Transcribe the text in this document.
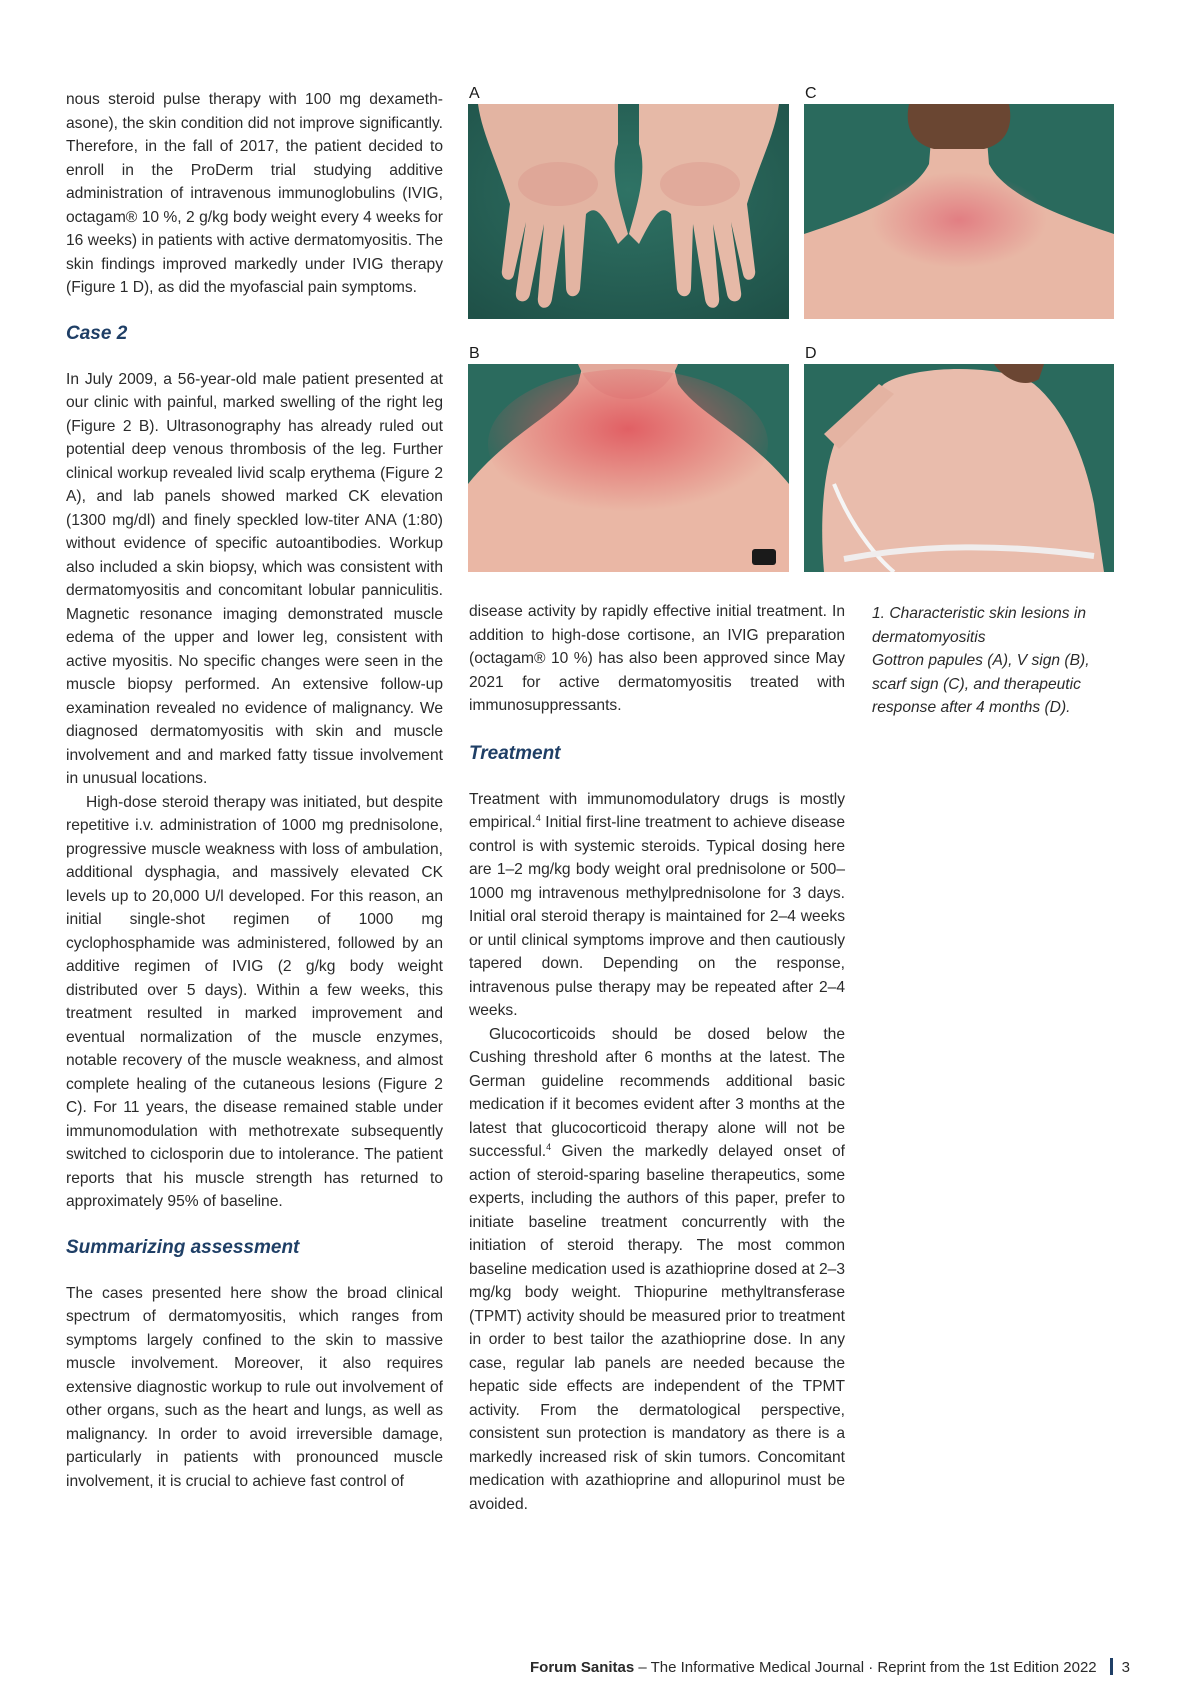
nous steroid pulse therapy with 100 mg dexamethasone), the skin condition did not improve significantly. Therefore, in the fall of 2017, the patient decided to enroll in the ProDerm trial studying additive administration of intravenous immunoglobulins (IVIG, octagam® 10 %, 2 g/kg body weight every 4 weeks for 16 weeks) in patients with active dermatomyositis. The skin findings improved markedly under IVIG therapy (Figure 1 D), as did the myofascial pain symptoms.

Case 2

In July 2009, a 56-year-old male patient presented at our clinic with painful, marked swelling of the right leg (Figure 2 B). Ultrasonography has already ruled out potential deep venous thrombosis of the leg. Further clinical workup revealed livid scalp erythema (Figure 2 A), and lab panels showed marked CK elevation (1300 mg/dl) and finely speckled low-titer ANA (1:80) without evidence of specific autoantibodies. Workup also included a skin biopsy, which was consistent with dermatomyositis and concomitant lobular panniculitis. Magnetic resonance imaging demonstrated muscle edema of the upper and lower leg, consistent with active myositis. No specific changes were seen in the muscle biopsy performed. An extensive follow-up examination revealed no evidence of malignancy. We diagnosed dermatomyositis with skin and muscle involvement and and marked fatty tissue involvement in unusual locations.

High-dose steroid therapy was initiated, but despite repetitive i.v. administration of 1000 mg prednisolone, progressive muscle weakness with loss of ambulation, additional dysphagia, and massively elevated CK levels up to 20,000 U/l developed. For this reason, an initial single-shot regimen of 1000 mg cyclophosphamide was administered, followed by an additive regimen of IVIG (2 g/kg body weight distributed over 5 days). Within a few weeks, this treatment resulted in marked improvement and eventual normalization of the muscle enzymes, notable recovery of the muscle weakness, and almost complete healing of the cutaneous lesions (Figure 2 C). For 11 years, the disease remained stable under immunomodulation with methotrexate subsequently switched to ciclosporin due to intolerance. The patient reports that his muscle strength has returned to approximately 95% of baseline.

Summarizing assessment

The cases presented here show the broad clinical spectrum of dermatomyositis, which ranges from symptoms largely confined to the skin to massive muscle involvement. Moreover, it also requires extensive diagnostic workup to rule out involvement of other organs, such as the heart and lungs, as well as malignancy. In order to avoid irreversible damage, particularly in patients with pronounced muscle involvement, it is crucial to achieve fast control of

A	C
B	D
1. Characteristic skin lesions in
dermatomyositis
Gottron papules (A), V sign (B),
scarf sign (C), and therapeutic
response after 4 months (D).

disease activity by rapidly effective initial treatment. In addition to high-dose cortisone, an IVIG preparation (octagam® 10 %) has also been approved since May 2021 for active dermatomyositis treated with immunosuppressants.

Treatment

Treatment with immunomodulatory drugs is mostly empirical.$^4$ Initial first-line treatment to achieve disease control is with systemic steroids. Typical dosing here are 1–2 mg/kg body weight oral prednisolone or 500–1000 mg intravenous methylprednisolone for 3 days. Initial oral steroid therapy is maintained for 2–4 weeks or until clinical symptoms improve and then cautiously tapered down. Depending on the response, intravenous pulse therapy may be repeated after 2–4 weeks.

Glucocorticoids should be dosed below the Cushing threshold after 6 months at the latest. The German guideline recommends additional basic medication if it becomes evident after 3 months at the latest that glucocorticoid therapy alone will not be successful.$^4$ Given the markedly delayed onset of action of steroid-sparing baseline therapeutics, some experts, including the authors of this paper, prefer to initiate baseline treatment concurrently with the initiation of steroid therapy. The most common baseline medication used is azathioprine dosed at 2–3 mg/kg body weight. Thiopurine methyltransferase (TPMT) activity should be measured prior to treatment in order to best tailor the azathioprine dose. In any case, regular lab panels are needed because the hepatic side effects are independent of the TPMT activity. From the dermatological perspective, consistent sun protection is mandatory as there is a markedly increased risk of skin tumors. Concomitant medication with azathioprine and allopurinol must be avoided.

Forum Sanitas – The Informative Medical Journal · Reprint from the 1st Edition 2022 3
